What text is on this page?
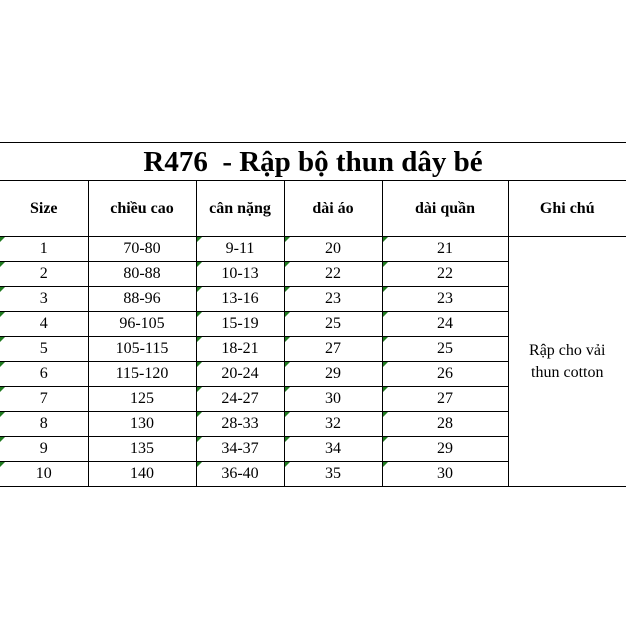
R476  - Rập bộ thun dây bé
Size	chiều cao	cân nặng	dài áo	dài quần	Ghi chú
1	70-80	9-11	20	21	Rập cho vải
thun cotton
2	80-88	10-13	22	22	
3	88-96	13-16	23	23	
4	96-105	15-19	25	24	
5	105-115	18-21	27	25	
6	115-120	20-24	29	26	
7	125	24-27	30	27	
8	130	28-33	32	28	
9	135	34-37	34	29	
10	140	36-40	35	30	
